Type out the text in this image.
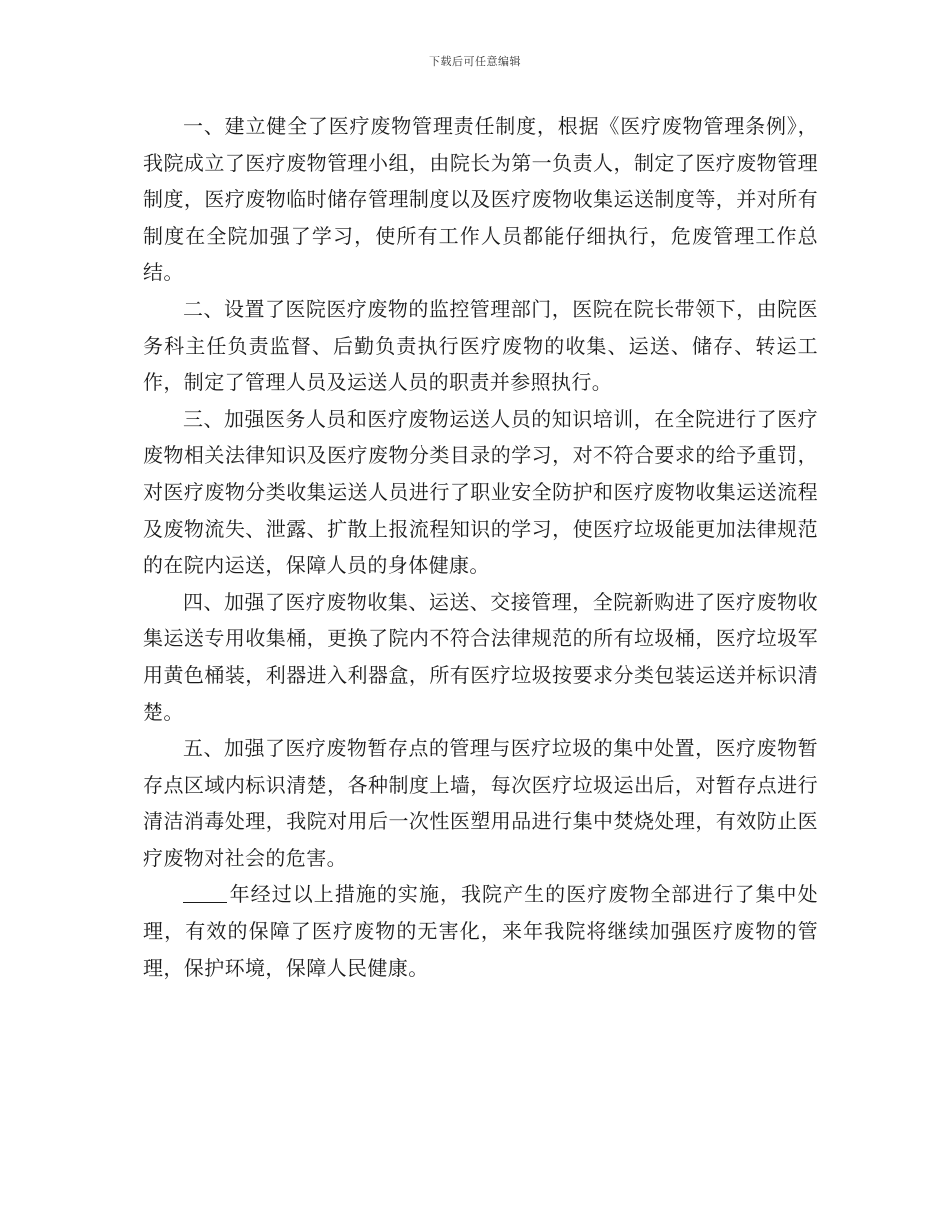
下载后可任意编辑

一、建立健全了医疗废物管理责任制度，根据《医疗废物管理条例》，我院成立了医疗废物管理小组，由院长为第一负责人，制定了医疗废物管理制度，医疗废物临时储存管理制度以及医疗废物收集运送制度等，并对所有制度在全院加强了学习，使所有工作人员都能仔细执行，危废管理工作总结。

二、设置了医院医疗废物的监控管理部门，医院在院长带领下，由院医务科主任负责监督、后勤负责执行医疗废物的收集、运送、储存、转运工作，制定了管理人员及运送人员的职责并参照执行。

三、加强医务人员和医疗废物运送人员的知识培训，在全院进行了医疗废物相关法律知识及医疗废物分类目录的学习，对不符合要求的给予重罚，对医疗废物分类收集运送人员进行了职业安全防护和医疗废物收集运送流程及废物流失、泄露、扩散上报流程知识的学习，使医疗垃圾能更加法律规范的在院内运送，保障人员的身体健康。

四、加强了医疗废物收集、运送、交接管理，全院新购进了医疗废物收集运送专用收集桶，更换了院内不符合法律规范的所有垃圾桶，医疗垃圾军用黄色桶装，利器进入利器盒，所有医疗垃圾按要求分类包装运送并标识清楚。

五、加强了医疗废物暂存点的管理与医疗垃圾的集中处置，医疗废物暂存点区域内标识清楚，各种制度上墙，每次医疗垃圾运出后，对暂存点进行清洁消毒处理，我院对用后一次性医塑用品进行集中焚烧处理，有效防止医疗废物对社会的危害。

年经过以上措施的实施，我院产生的医疗废物全部进行了集中处理，有效的保障了医疗废物的无害化，来年我院将继续加强医疗废物的管理，保护环境，保障人民健康。
